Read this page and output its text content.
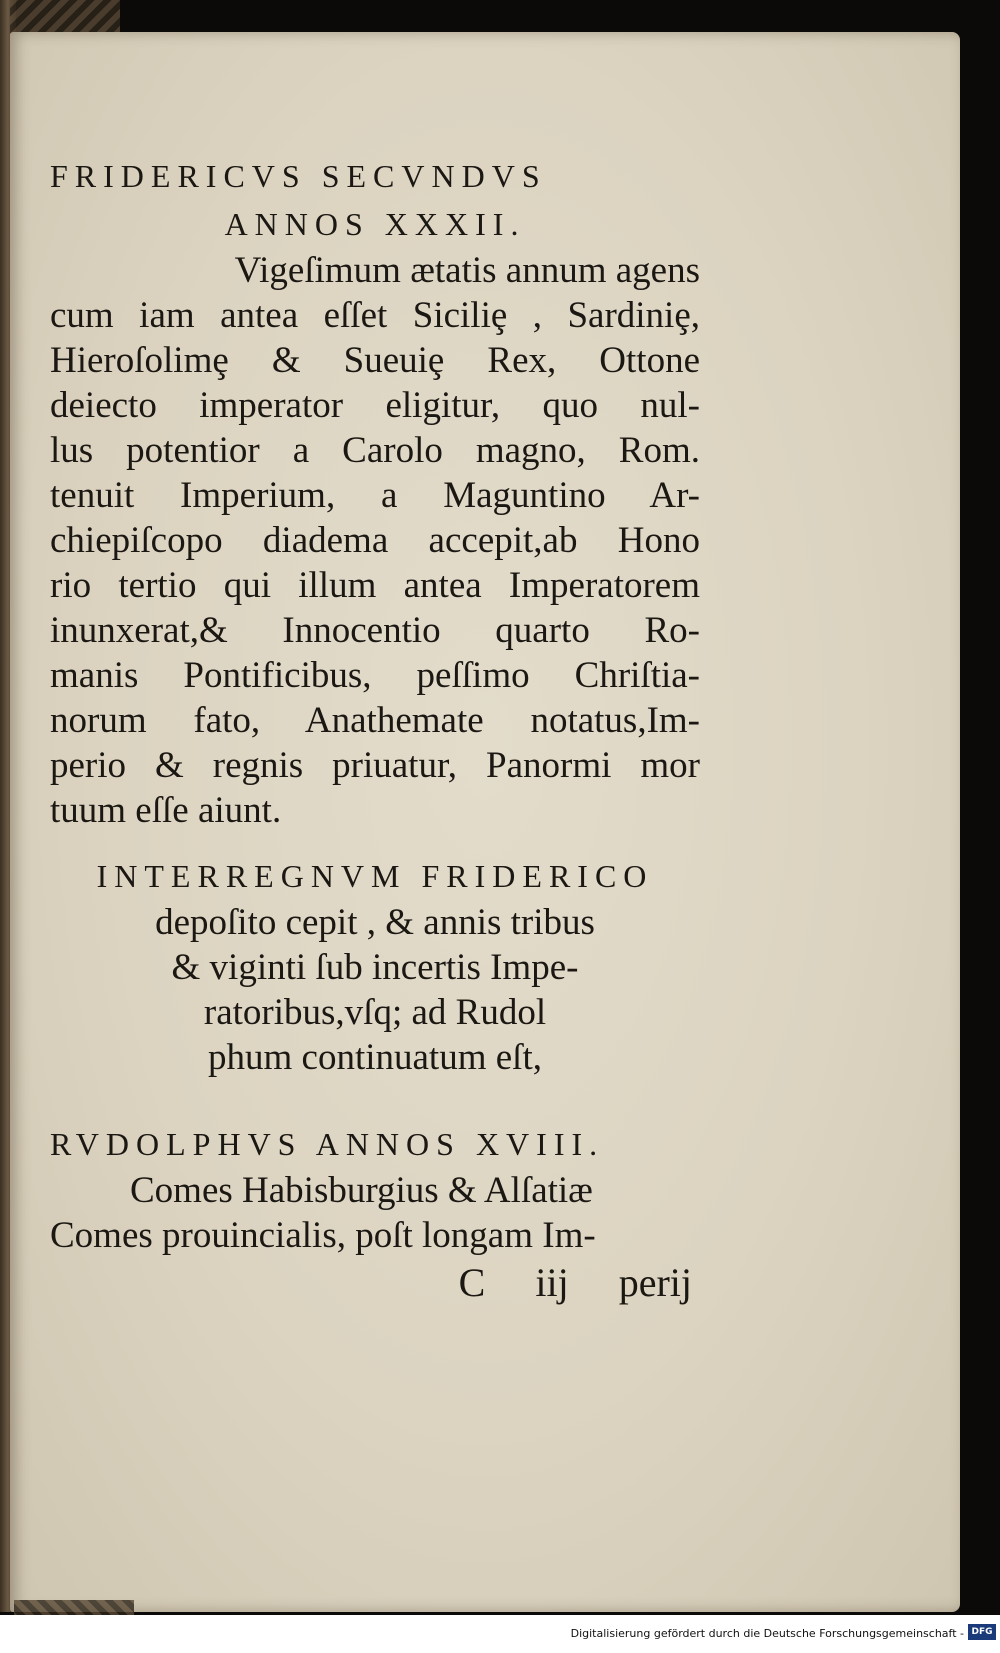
FRIDERICVS SECVNDVS

ANNOS XXXII.

Vigeſimum ætatis annum agens

cum iam antea eſſet Siciliȩ , Sardiniȩ,

Hieroſolimȩ & Sueuiȩ Rex, Ottone

deiecto imperator eligitur, quo nul-

lus potentior a Carolo magno, Rom.

tenuit Imperium, a Maguntino Ar-

chiepiſcopo diadema accepit,ab Hono

rio tertio qui illum antea Imperatorem

inunxerat,& Innocentio quarto Ro-

manis Pontificibus, peſſimo Chriſtia-

norum fato, Anathemate notatus,Im-

perio & regnis priuatur, Panormi mor

tuum eſſe aiunt.

INTERREGNVM FRIDERICO

depoſito cepit , & annis tribus

& viginti ſub incertis Impe-

ratoribus,vſq; ad Rudol

phum continuatum eſt,

RVDOLPHVS ANNOS XVIII.

Comes Habisburgius & Alſatiæ

Comes prouincialis, poſt longam Im-

C iij perij

Digitalisierung gefördert durch die Deutsche Forschungsgemeinschaft - DFG
